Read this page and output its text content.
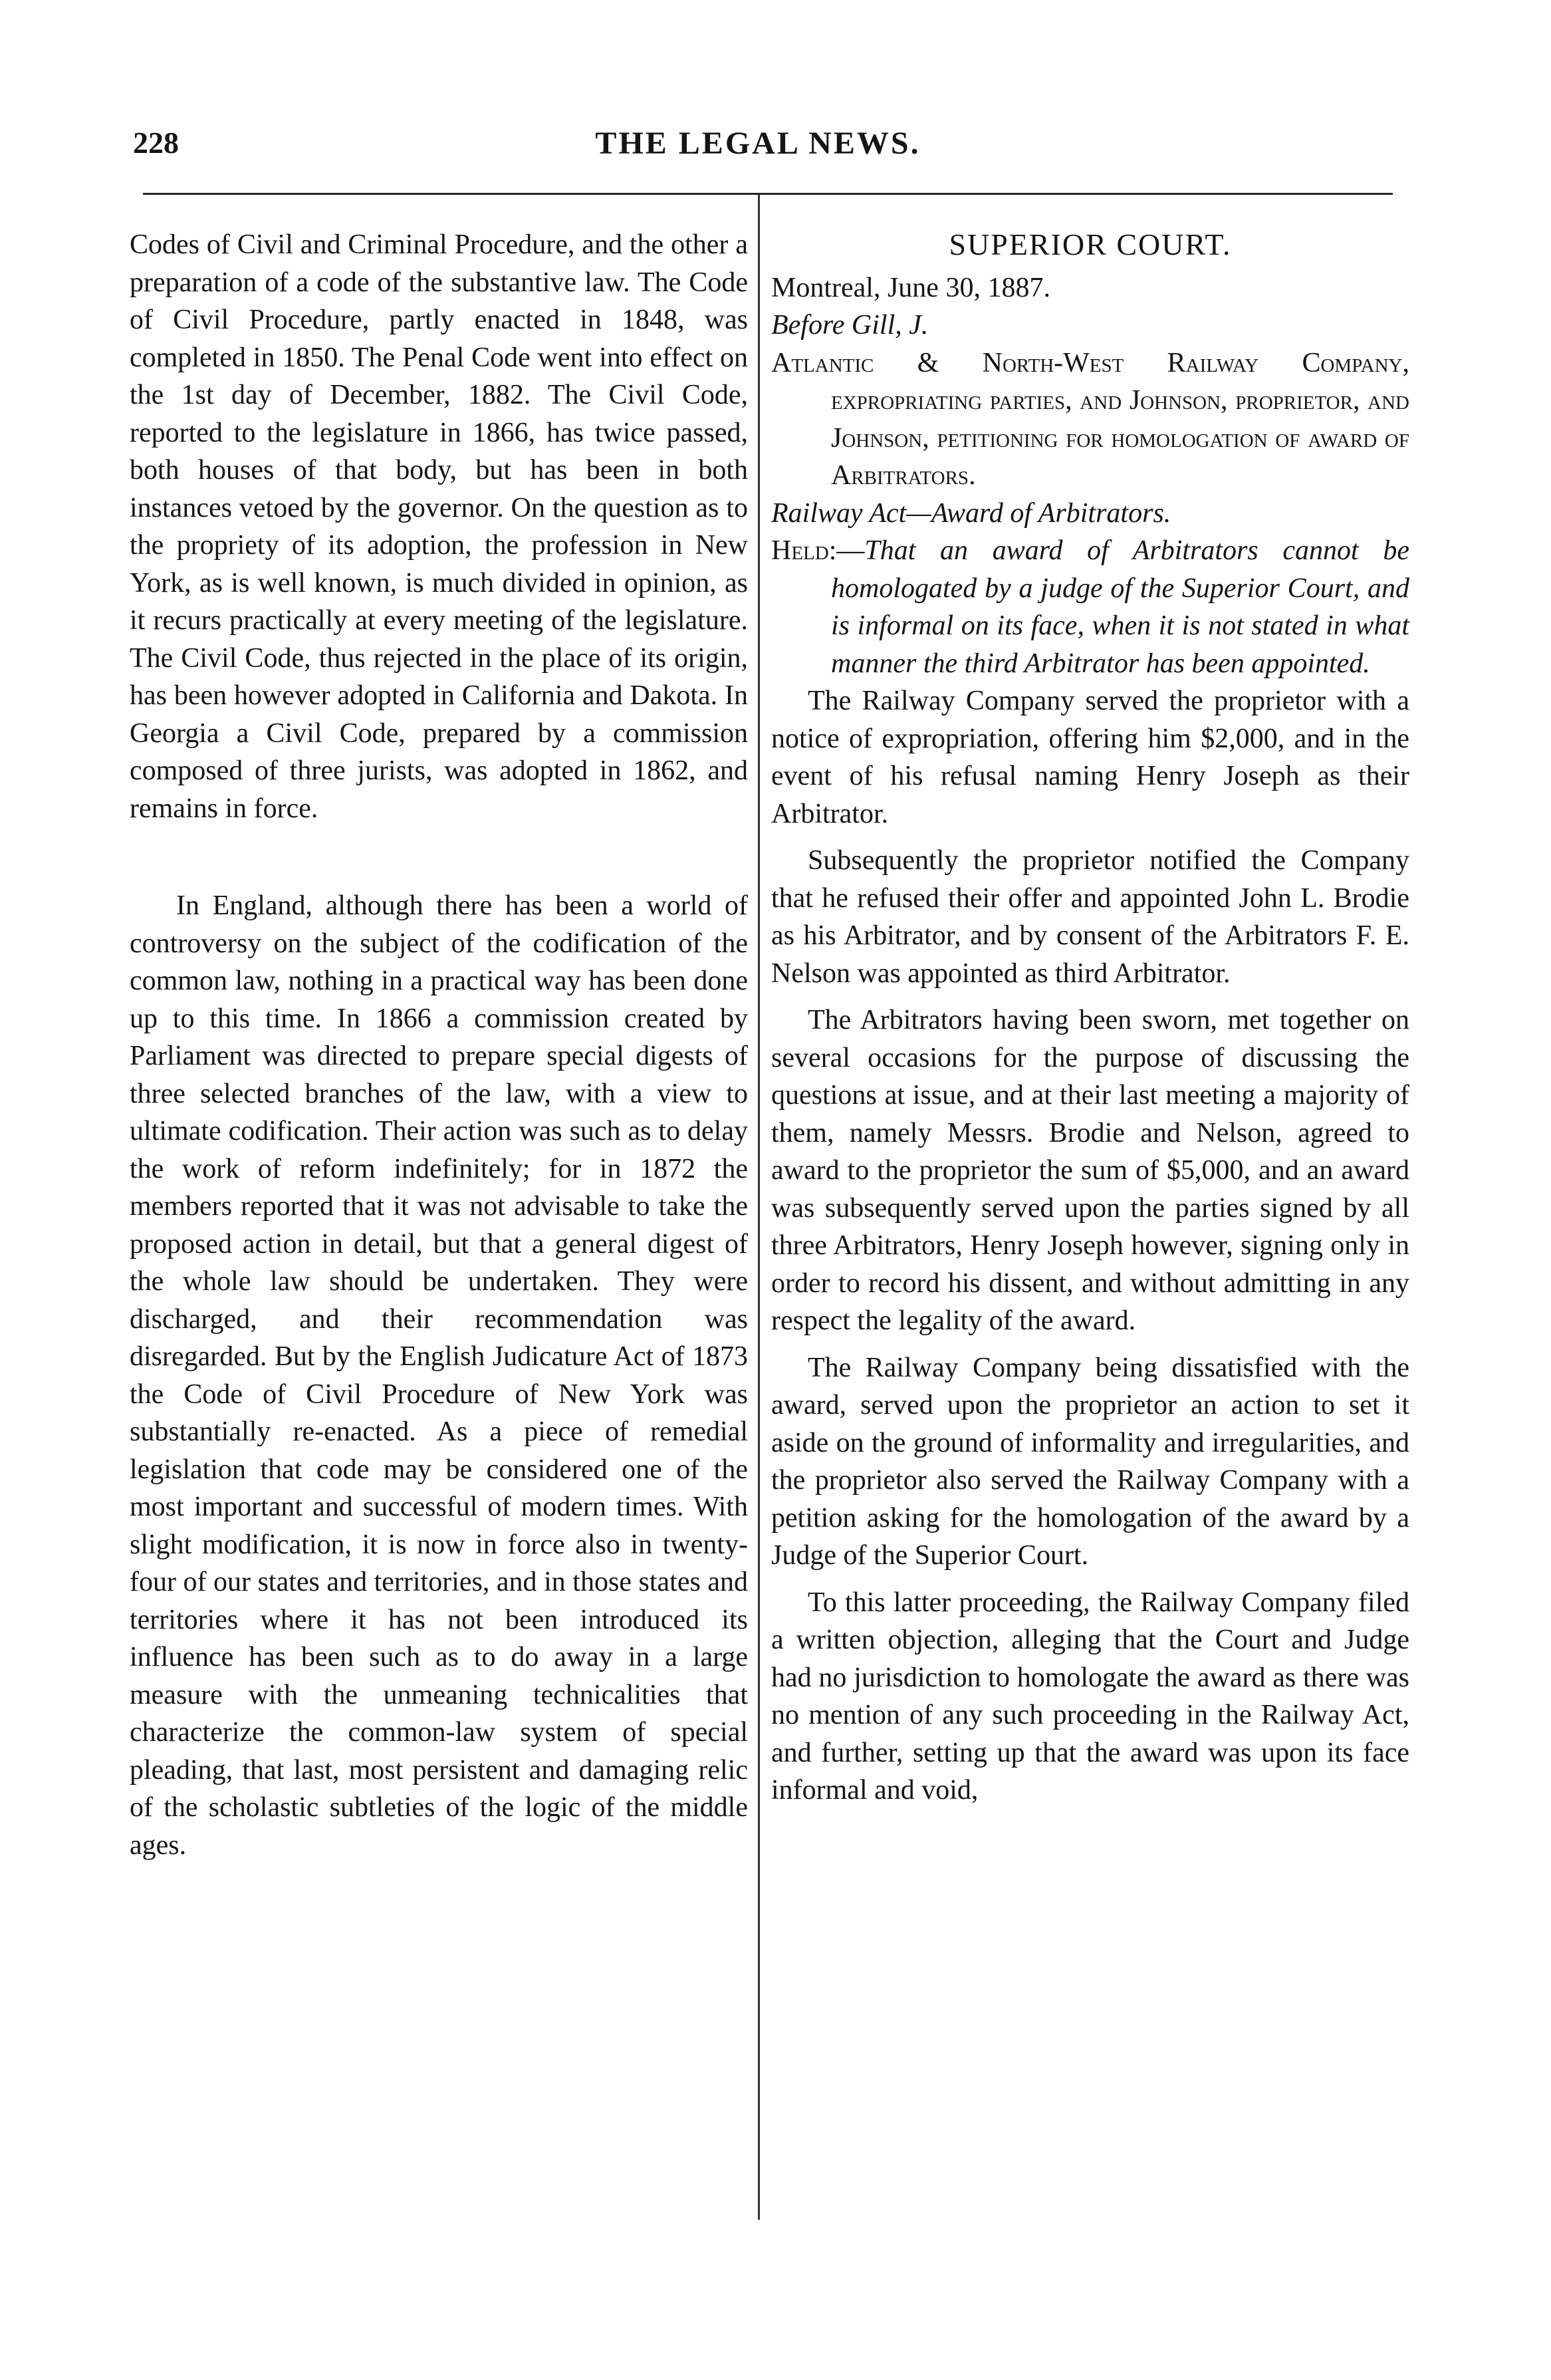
228	THE LEGAL NEWS.

Codes of Civil and Criminal Procedure, and the other a preparation of a code of the substantive law. The Code of Civil Procedure, partly enacted in 1848, was completed in 1850. The Penal Code went into effect on the 1st day of December, 1882. The Civil Code, reported to the legislature in 1866, has twice passed, both houses of that body, but has been in both instances vetoed by the governor. On the question as to the propriety of its adoption, the profession in New York, as is well known, is much divided in opinion, as it recurs practically at every meeting of the legislature. The Civil Code, thus rejected in the place of its origin, has been however adopted in California and Dakota. In Georgia a Civil Code, prepared by a commission composed of three jurists, was adopted in 1862, and remains in force.

In England, although there has been a world of controversy on the subject of the codification of the common law, nothing in a practical way has been done up to this time. In 1866 a commission created by Parliament was directed to prepare special digests of three selected branches of the law, with a view to ultimate codification. Their action was such as to delay the work of reform indefinitely; for in 1872 the members reported that it was not advisable to take the proposed action in detail, but that a general digest of the whole law should be undertaken. They were discharged, and their recommendation was disregarded. But by the English Judicature Act of 1873 the Code of Civil Procedure of New York was substantially re-enacted. As a piece of remedial legislation that code may be considered one of the most important and successful of modern times. With slight modification, it is now in force also in twenty-four of our states and territories, and in those states and territories where it has not been introduced its influence has been such as to do away in a large measure with the unmeaning technicalities that characterize the common-law system of special pleading, that last, most persistent and damaging relic of the scholastic subtleties of the logic of the middle ages.

SUPERIOR COURT.

Montreal, June 30, 1887.

Before Gill, J.

Atlantic & North-West Railway Company, expropriating parties, and Johnson, proprietor, and Johnson, petitioning for homologation of award of Arbitrators.

Railway Act—Award of Arbitrators.

Held:—That an award of Arbitrators cannot be homologated by a judge of the Superior Court, and is informal on its face, when it is not stated in what manner the third Arbitrator has been appointed.

The Railway Company served the proprietor with a notice of expropriation, offering him $2,000, and in the event of his refusal naming Henry Joseph as their Arbitrator.

Subsequently the proprietor notified the Company that he refused their offer and appointed John L. Brodie as his Arbitrator, and by consent of the Arbitrators F. E. Nelson was appointed as third Arbitrator.

The Arbitrators having been sworn, met together on several occasions for the purpose of discussing the questions at issue, and at their last meeting a majority of them, namely Messrs. Brodie and Nelson, agreed to award to the proprietor the sum of $5,000, and an award was subsequently served upon the parties signed by all three Arbitrators, Henry Joseph however, signing only in order to record his dissent, and without admitting in any respect the legality of the award.

The Railway Company being dissatisfied with the award, served upon the proprietor an action to set it aside on the ground of informality and irregularities, and the proprietor also served the Railway Company with a petition asking for the homologation of the award by a Judge of the Superior Court.

To this latter proceeding, the Railway Company filed a written objection, alleging that the Court and Judge had no jurisdiction to homologate the award as there was no mention of any such proceeding in the Railway Act, and further, setting up that the award was upon its face informal and void,
